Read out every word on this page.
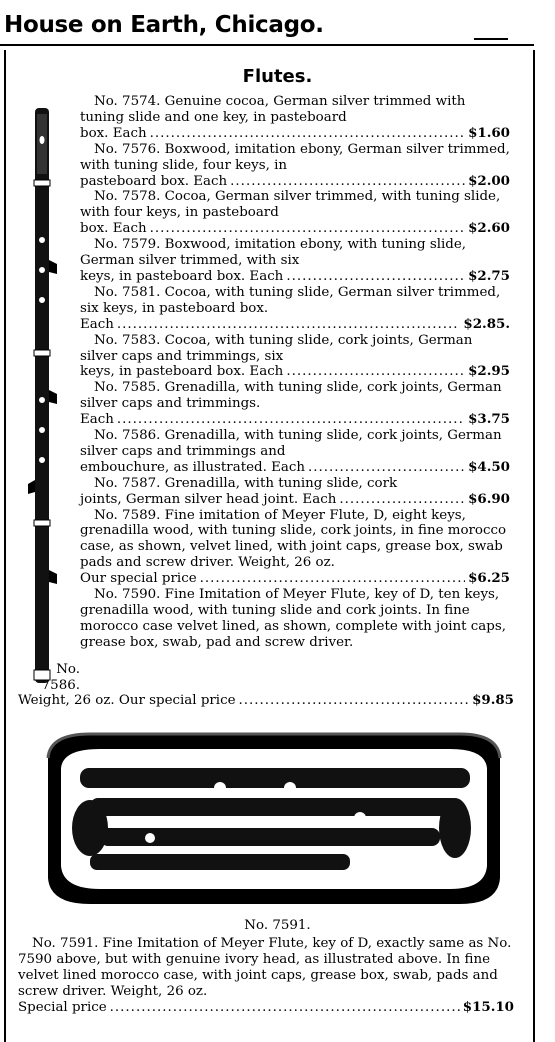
House on Earth, Chicago.
Flutes.
No. 7574. Genuine cocoa, German silver trimmed with tuning slide and one key, in pasteboard
box. Each .....	$1.60
No. 7576. Boxwood, imitation ebony, German silver trimmed, with tuning slide, four keys, in
pasteboard box. Each .....	$2.00
No. 7578. Cocoa, German silver trimmed, with tuning slide, with four keys, in pasteboard
box. Each .....	$2.60
No. 7579. Boxwood, imitation ebony, with tuning slide, German silver trimmed, with six
keys, in pasteboard box. Each .....	$2.75
No. 7581. Cocoa, with tuning slide, German silver trimmed, six keys, in pasteboard box.
Each .....	$2.85.
No. 7583. Cocoa, with tuning slide, cork joints, German silver caps and trimmings, six
keys, in pasteboard box. Each .....	$2.95
No. 7585. Grenadilla, with tuning slide, cork joints, German silver caps and trimmings.
Each .....	$3.75
No. 7586. Grenadilla, with tuning slide, cork joints, German silver caps and trimmings and
embouchure, as illustrated. Each .....	$4.50
No. 7587. Grenadilla, with tuning slide, cork
joints, German silver head joint. Each .....	$6.90
No. 7589. Fine imitation of Meyer Flute, D, eight keys, grenadilla wood, with tuning slide, cork joints, in fine morocco case, as shown, velvet lined, with joint caps, grease box, swab pads and screw driver. Weight, 26 oz.
Our special price .....	$6.25
No. 7590. Fine Imitation of Meyer Flute, key of D, ten keys, grenadilla wood, with tuning slide and cork joints. In fine morocco case velvet lined, as shown, complete with joint caps, grease box, swab, pad and screw driver.
Weight, 26 oz. Our special price .....	$9.85
No.
7586.
No. 7591.
No. 7591. Fine Imitation of Meyer Flute, key of D, exactly same as No. 7590 above, but with genuine ivory head, as illustrated above. In fine velvet lined morocco case, with joint caps, grease box, swab, pads and screw driver. Weight, 26 oz.
Special price .....	$15.10
